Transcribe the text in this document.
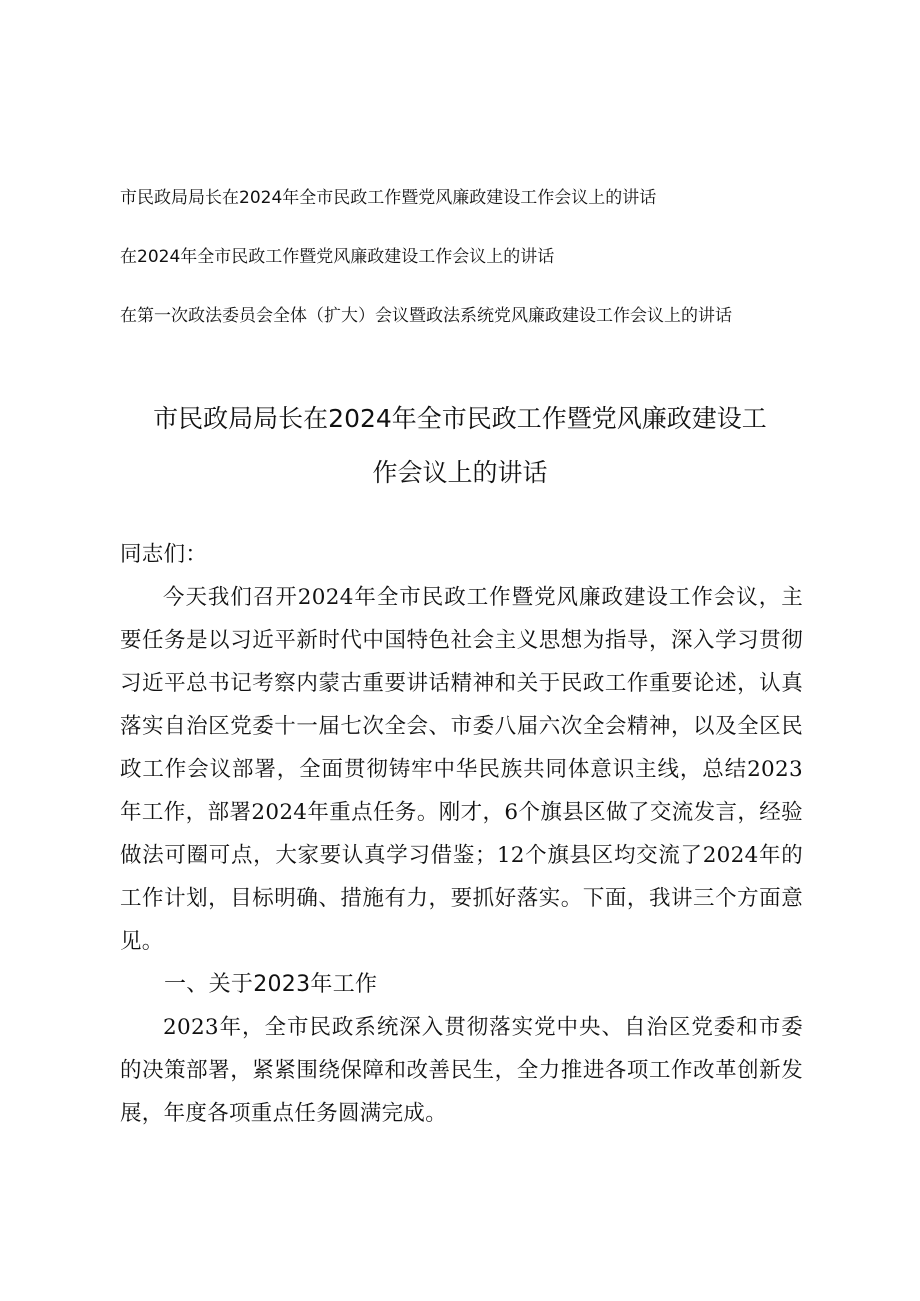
市民政局局长在2024年全市民政工作暨党风廉政建设工作会议上的讲话
在2024年全市民政工作暨党风廉政建设工作会议上的讲话
在第一次政法委员会全体（扩大）会议暨政法系统党风廉政建设工作会议上的讲话
市民政局局长在2024年全市民政工作暨党风廉政建设工
作会议上的讲话

同志们：

今天我们召开2024年全市民政工作暨党风廉政建设工作会议，主要任务是以习近平新时代中国特色社会主义思想为指导，深入学习贯彻习近平总书记考察内蒙古重要讲话精神和关于民政工作重要论述，认真落实自治区党委十一届七次全会、市委八届六次全会精神，以及全区民政工作会议部署，全面贯彻铸牢中华民族共同体意识主线，总结2023年工作，部署2024年重点任务。刚才，6个旗县区做了交流发言，经验做法可圈可点，大家要认真学习借鉴；12个旗县区均交流了2024年的工作计划，目标明确、措施有力，要抓好落实。下面，我讲三个方面意见。

一、关于2023年工作

2023年，全市民政系统深入贯彻落实党中央、自治区党委和市委的决策部署，紧紧围绕保障和改善民生，全力推进各项工作改革创新发展，年度各项重点任务圆满完成。
